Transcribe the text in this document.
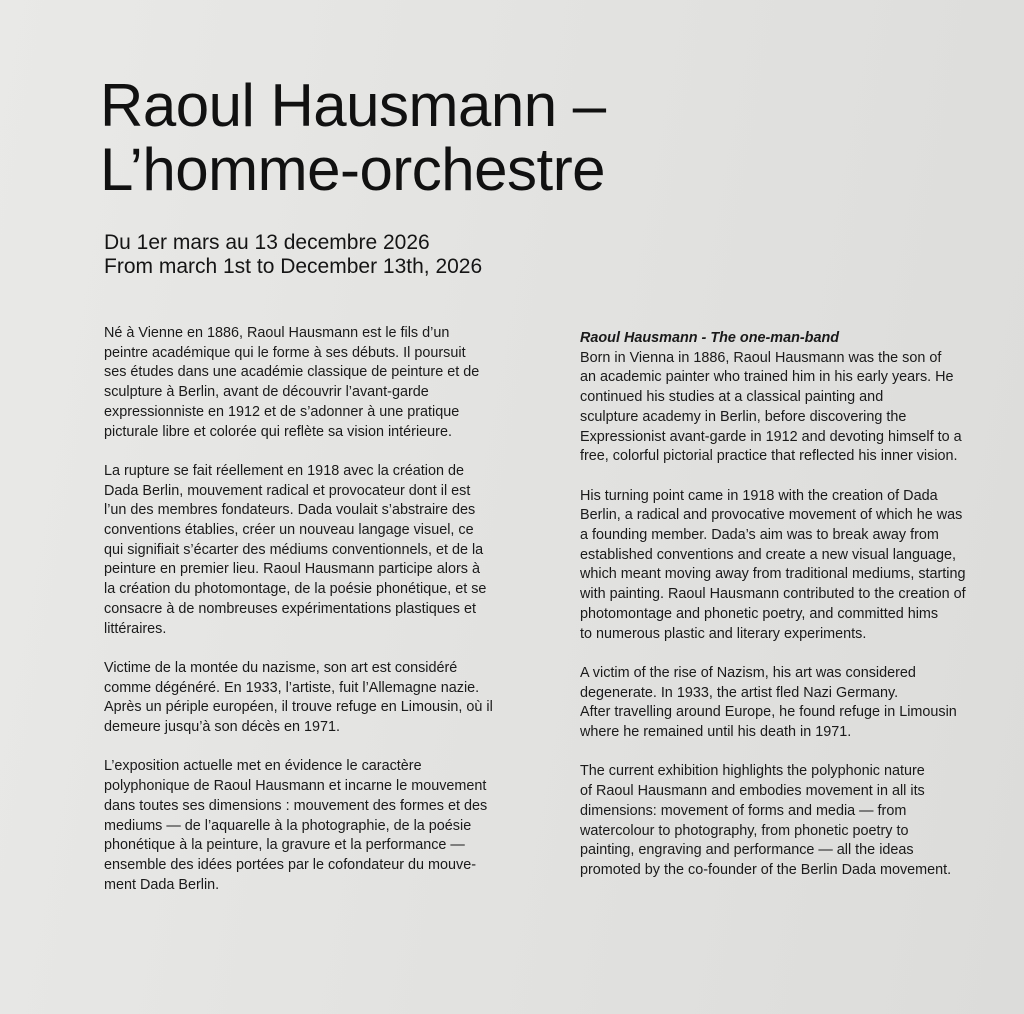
Raoul Hausmann –
L’homme-orchestre
Du 1er mars au 13 decembre 2026
From march 1st to December 13th, 2026

Né à Vienne en 1886, Raoul Hausmann est le fils d’un
peintre académique qui le forme à ses débuts. Il poursuit
ses études dans une académie classique de peinture et de
sculpture à Berlin, avant de découvrir l’avant-garde
expressionniste en 1912 et de s’adonner à une pratique
picturale libre et colorée qui reflète sa vision intérieure.

La rupture se fait réellement en 1918 avec la création de
Dada Berlin, mouvement radical et provocateur dont il est
l’un des membres fondateurs. Dada voulait s’abstraire des
conventions établies, créer un nouveau langage visuel, ce
qui signifiait s’écarter des médiums conventionnels, et de la
peinture en premier lieu. Raoul Hausmann participe alors à
la création du photomontage, de la poésie phonétique, et se
consacre à de nombreuses expérimentations plastiques et
littéraires.

Victime de la montée du nazisme, son art est considéré
comme dégénéré. En 1933, l’artiste, fuit l’Allemagne nazie.
Après un périple européen, il trouve refuge en Limousin, où il
demeure jusqu’à son décès en 1971.

L’exposition actuelle met en évidence le caractère
polyphonique de Raoul Hausmann et incarne le mouvement
dans toutes ses dimensions : mouvement des formes et des
mediums — de l’aquarelle à la photographie, de la poésie
phonétique à la peinture, la gravure et la performance —
ensemble des idées portées par le cofondateur du mouve-
ment Dada Berlin.

Raoul Hausmann - The one-man-band

Born in Vienna in 1886, Raoul Hausmann was the son of
an academic painter who trained him in his early years. He
continued his studies at a classical painting and
sculpture academy in Berlin, before discovering the
Expressionist avant-garde in 1912 and devoting himself to a
free, colorful pictorial practice that reflected his inner vision.

His turning point came in 1918 with the creation of Dada
Berlin, a radical and provocative movement of which he was
a founding member. Dada’s aim was to break away from
established conventions and create a new visual language,
which meant moving away from traditional mediums, starting
with painting. Raoul Hausmann contributed to the creation of
photomontage and phonetic poetry, and committed hims
to numerous plastic and literary experiments.

A victim of the rise of Nazism, his art was considered
degenerate. In 1933, the artist fled Nazi Germany.
After travelling around Europe, he found refuge in Limousin
where he remained until his death in 1971.

The current exhibition highlights the polyphonic nature
of Raoul Hausmann and embodies movement in all its
dimensions: movement of forms and media — from
watercolour to photography, from phonetic poetry to
painting, engraving and performance — all the ideas
promoted by the co-founder of the Berlin Dada movement.
